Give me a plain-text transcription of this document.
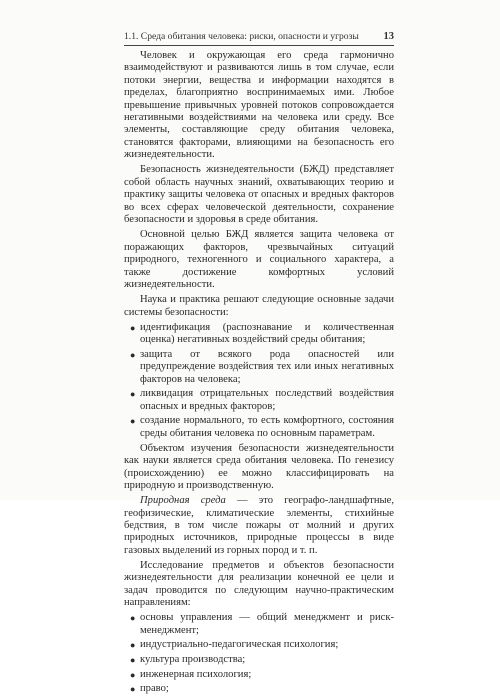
1.1. Среда обитания человека: риски, опасности и угрозы 13

Человек и окружающая его среда гармонично взаимодействуют и развиваются лишь в том случае, если потоки энергии, вещества и информации находятся в пределах, благоприятно воспринимаемых ими. Любое превышение привычных уровней потоков сопровождается негативными воздействиями на человека или среду. Все элементы, составляющие среду обитания человека, становятся факторами, влияющими на безопасность его жизнедеятельности.

Безопасность жизнедеятельности (БЖД) представляет собой область научных знаний, охватывающих теорию и практику защиты человека от опасных и вредных факторов во всех сферах человеческой деятельности, сохранение безопасности и здоровья в среде обитания.

Основной целью БЖД является защита человека от поражающих факторов, чрезвычайных ситуаций природного, техногенного и социального характера, а также достижение комфортных условий жизнедеятельности.

Наука и практика решают следующие основные задачи системы безопасности:

● идентификация (распознавание и количественная оценка) негативных воздействий среды обитания;
● защита от всякого рода опасностей или предупреждение воздействия тех или иных негативных факторов на человека;
● ликвидация отрицательных последствий воздействия опасных и вредных факторов;
● создание нормального, то есть комфортного, состояния среды обитания человека по основным параметрам.

Объектом изучения безопасности жизнедеятельности как науки является среда обитания человека. По генезису (происхождению) ее можно классифицировать на природную и производственную.

Природная среда — это географо-ландшафтные, геофизические, климатические элементы, стихийные бедствия, в том числе пожары от молний и других природных источников, природные процессы в виде газовых выделений из горных пород и т. п.

Исследование предметов и объектов безопасности жизнедеятельности для реализации конечной ее цели и задач проводится по следующим научно-практическим направлениям:

● основы управления — общий менеджмент и риск-менеджмент;
● индустриально-педагогическая психология;
● культура производства;
● инженерная психология;
● право;
